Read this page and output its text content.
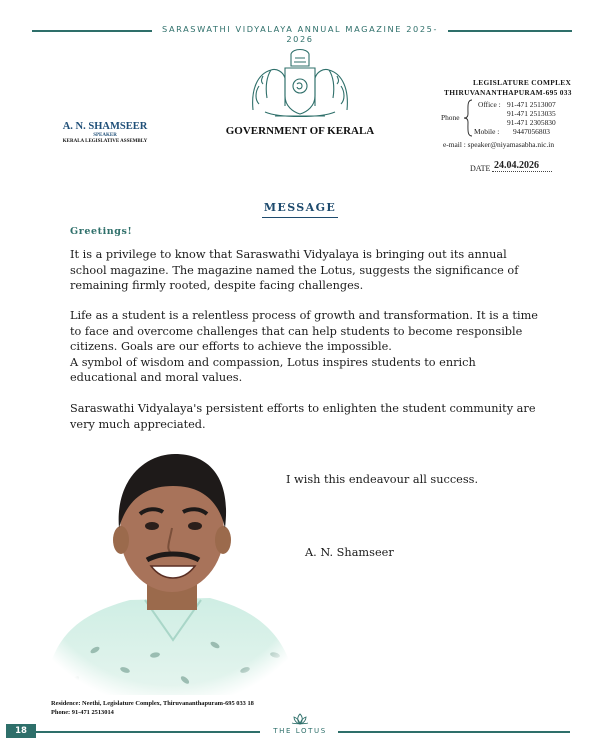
SARASWATHI VIDYALAYA ANNUAL MAGAZINE 2025-2026
GOVERNMENT OF KERALA
A. N. SHAMSEER
SPEAKER
KERALA LEGISLATIVE ASSEMBLY
LEGISLATURE COMPLEX
THIRUVANANTHAPURAM-695 033
Phone
Office : 91-471 2513007
91-471 2513035
91-471 2305830
Mobile : 9447056803
e-mail : speaker@niyamasabha.nic.in
DATE 24.04.2026
MESSAGE
Greetings!
It is a privilege to know that Saraswathi Vidyalaya is bringing out its annual
school magazine. The magazine named the Lotus, suggests the significance of
remaining firmly rooted, despite facing challenges.
Life as a student is a relentless process of growth and transformation. It is a time
to face and overcome challenges that can help students to become responsible
citizens. Goals are our efforts to achieve the impossible.
A symbol of wisdom and compassion, Lotus inspires students to enrich
educational and moral values.
Saraswathi Vidyalaya's persistent efforts to enlighten the student community are
very much appreciated.
I wish this endeavour all success.
A. N. Shamseer
Residence: Neethi, Legislature Complex, Thiruvananthapuram-695 033 18
Phone: 91-471 2513014
18	THE LOTUS
